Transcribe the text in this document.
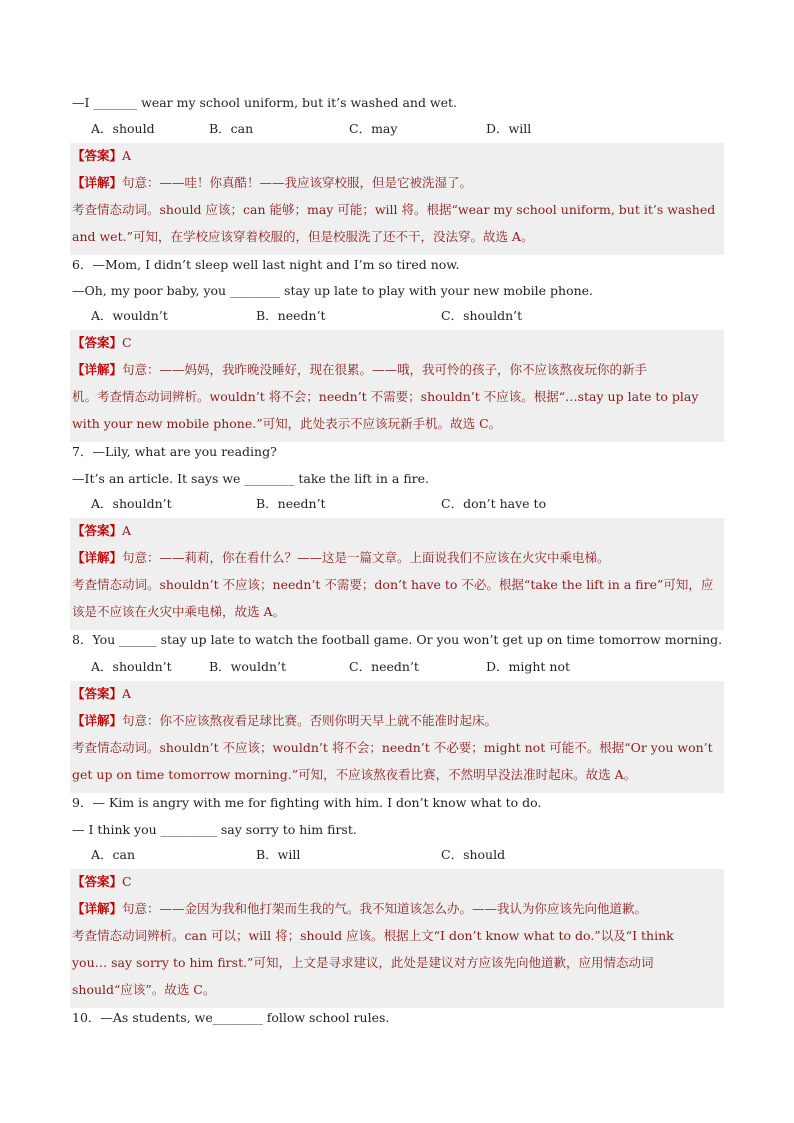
—I _______ wear my school uniform, but it’s washed and wet.
A．should	B．can	C．may	D．will
【答案】A
【详解】句意：——哇！你真酷！——我应该穿校服，但是它被洗湿了。
考查情态动词。should 应该；can 能够；may 可能；will 将。根据“wear my school uniform, but it’s washed
and wet.”可知，在学校应该穿着校服的，但是校服洗了还不干，没法穿。故选 A。
6．—Mom, I didn’t sleep well last night and I’m so tired now.
—Oh, my poor baby, you ________ stay up late to play with your new mobile phone.
A．wouldn’t	B．needn’t	C．shouldn’t
【答案】C
【详解】句意：——妈妈，我昨晚没睡好，现在很累。——哦，我可怜的孩子，你不应该熬夜玩你的新手
机。考查情态动词辨析。wouldn’t 将不会；needn’t 不需要；shouldn’t 不应该。根据“…stay up late to play
with your new mobile phone.”可知，此处表示不应该玩新手机。故选 C。
7．—Lily, what are you reading?
—It’s an article. It says we ________ take the lift in a fire.
A．shouldn’t	B．needn’t	C．don’t have to
【答案】A
【详解】句意：——莉莉，你在看什么？——这是一篇文章。上面说我们不应该在火灾中乘电梯。
考查情态动词。shouldn’t 不应该；needn’t 不需要；don’t have to 不必。根据“take the lift in a fire”可知，应
该是不应该在火灾中乘电梯，故选 A。
8．You ______ stay up late to watch the football game. Or you won’t get up on time tomorrow morning.
A．shouldn’t	B．wouldn’t	C．needn’t	D．might not
【答案】A
【详解】句意：你不应该熬夜看足球比赛。否则你明天早上就不能准时起床。
考查情态动词。shouldn’t 不应该；wouldn’t 将不会；needn’t 不必要；might not 可能不。根据“Or you won’t
get up on time tomorrow morning.”可知，不应该熬夜看比赛，不然明早没法准时起床。故选 A。
9．— Kim is angry with me for fighting with him. I don’t know what to do.
— I think you _________ say sorry to him first.
A．can	B．will	C．should
【答案】C
【详解】句意：——金因为我和他打架而生我的气。我不知道该怎么办。——我认为你应该先向他道歉。
考查情态动词辨析。can 可以；will 将；should 应该。根据上文“I don’t know what to do.”以及“I think
you… say sorry to him first.”可知，上文是寻求建议，此处是建议对方应该先向他道歉，应用情态动词
should“应该”。故选 C。
10．—As students, we________ follow school rules.
